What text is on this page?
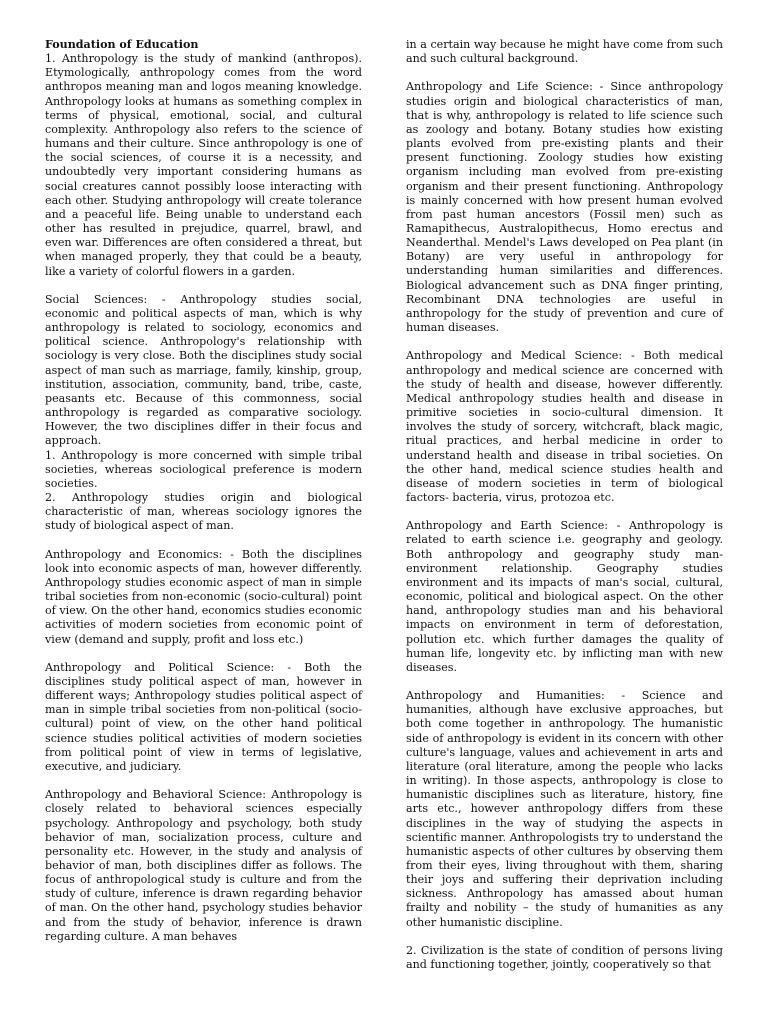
Foundation of Education

1. Anthropology is the study of mankind (anthropos). Etymologically, anthropology comes from the word anthropos meaning man and logos meaning knowledge. Anthropology looks at humans as something complex in terms of physical, emotional, social, and cultural complexity. Anthropology also refers to the science of humans and their culture. Since anthropology is one of the social sciences, of course it is a necessity, and undoubtedly very important considering humans as social creatures cannot possibly loose interacting with each other. Studying anthropology will create tolerance and a peaceful life. Being unable to understand each other has resulted in prejudice, quarrel, brawl, and even war. Differences are often considered a threat, but when managed properly, they that could be a beauty, like a variety of colorful flowers in a garden.

Social Sciences: - Anthropology studies social, economic and political aspects of man, which is why anthropology is related to sociology, economics and political science. Anthropology's relationship with sociology is very close. Both the disciplines study social aspect of man such as marriage, family, kinship, group, institution, association, community, band, tribe, caste, peasants etc. Because of this commonness, social anthropology is regarded as comparative sociology. However, the two disciplines differ in their focus and approach.

1. Anthropology is more concerned with simple tribal societies, whereas sociological preference is modern societies.

2. Anthropology studies origin and biological characteristic of man, whereas sociology ignores the study of biological aspect of man.

Anthropology and Economics: - Both the disciplines look into economic aspects of man, however differently. Anthropology studies economic aspect of man in simple tribal societies from non-economic (socio-cultural) point of view. On the other hand, economics studies economic activities of modern societies from economic point of view (demand and supply, profit and loss etc.)

Anthropology and Political Science: - Both the disciplines study political aspect of man, however in different ways; Anthropology studies political aspect of man in simple tribal societies from non-political (socio-cultural) point of view, on the other hand political science studies political activities of modern societies from political point of view in terms of legislative, executive, and judiciary.

Anthropology and Behavioral Science: Anthropology is closely related to behavioral sciences especially psychology. Anthropology and psychology, both study behavior of man, socialization process, culture and personality etc. However, in the study and analysis of behavior of man, both disciplines differ as follows. The focus of anthropological study is culture and from the study of culture, inference is drawn regarding behavior of man. On the other hand, psychology studies behavior and from the study of behavior, inference is drawn regarding culture. A man behaves

in a certain way because he might have come from such and such cultural background.

Anthropology and Life Science: - Since anthropology studies origin and biological characteristics of man, that is why, anthropology is related to life science such as zoology and botany. Botany studies how existing plants evolved from pre-existing plants and their present functioning. Zoology studies how existing organism including man evolved from pre-existing organism and their present functioning. Anthropology is mainly concerned with how present human evolved from past human ancestors (Fossil men) such as Ramapithecus, Australopithecus, Homo erectus and Neanderthal. Mendel's Laws developed on Pea plant (in Botany) are very useful in anthropology for understanding human similarities and differences. Biological advancement such as DNA finger printing, Recombinant DNA technologies are useful in anthropology for the study of prevention and cure of human diseases.

Anthropology and Medical Science: - Both medical anthropology and medical science are concerned with the study of health and disease, however differently. Medical anthropology studies health and disease in primitive societies in socio-cultural dimension. It involves the study of sorcery, witchcraft, black magic, ritual practices, and herbal medicine in order to understand health and disease in tribal societies. On the other hand, medical science studies health and disease of modern societies in term of biological factors- bacteria, virus, protozoa etc.

Anthropology and Earth Science: - Anthropology is related to earth science i.e. geography and geology. Both anthropology and geography study man-environment relationship. Geography studies environment and its impacts of man's social, cultural, economic, political and biological aspect. On the other hand, anthropology studies man and his behavioral impacts on environment in term of deforestation, pollution etc. which further damages the quality of human life, longevity etc. by inflicting man with new diseases.

Anthropology and Humanities: - Science and humanities, although have exclusive approaches, but both come together in anthropology. The humanistic side of anthropology is evident in its concern with other culture's language, values and achievement in arts and literature (oral literature, among the people who lacks in writing). In those aspects, anthropology is close to humanistic disciplines such as literature, history, fine arts etc., however anthropology differs from these disciplines in the way of studying the aspects in scientific manner. Anthropologists try to understand the humanistic aspects of other cultures by observing them from their eyes, living throughout with them, sharing their joys and suffering their deprivation including sickness. Anthropology has amassed about human frailty and nobility – the study of humanities as any other humanistic discipline.

2. Civilization is the state of condition of persons living and functioning together, jointly, cooperatively so that
